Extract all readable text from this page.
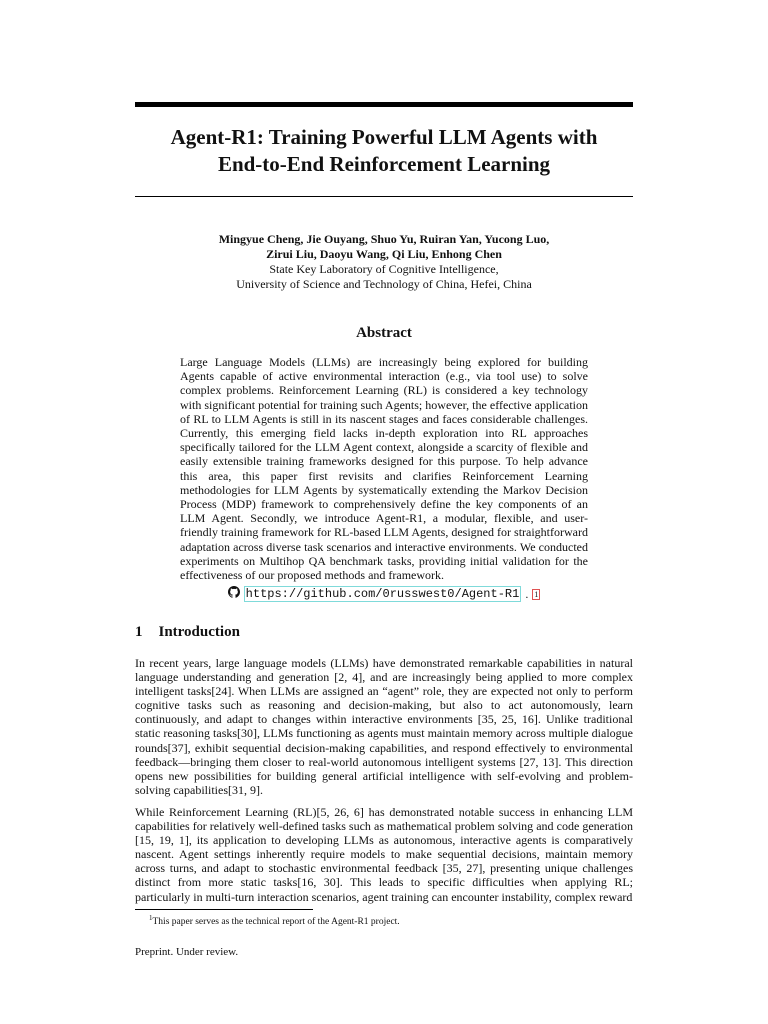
Agent-R1: Training Powerful LLM Agents with
End-to-End Reinforcement Learning
Mingyue Cheng, Jie Ouyang, Shuo Yu, Ruiran Yan, Yucong Luo,
Zirui Liu, Daoyu Wang, Qi Liu, Enhong Chen
State Key Laboratory of Cognitive Intelligence,
University of Science and Technology of China, Hefei, China
Abstract
Large Language Models (LLMs) are increasingly being explored for building Agents capable of active environmental interaction (e.g., via tool use) to solve complex problems. Reinforcement Learning (RL) is considered a key technology with significant potential for training such Agents; however, the effective application of RL to LLM Agents is still in its nascent stages and faces considerable challenges. Currently, this emerging field lacks in-depth exploration into RL approaches specifically tailored for the LLM Agent context, alongside a scarcity of flexible and easily extensible training frameworks designed for this purpose. To help advance this area, this paper first revisits and clarifies Reinforcement Learning methodologies for LLM Agents by systematically extending the Markov Decision Process (MDP) framework to comprehensively define the key components of an LLM Agent. Secondly, we introduce Agent-R1, a modular, flexible, and user-friendly training framework for RL-based LLM Agents, designed for straightforward adaptation across diverse task scenarios and interactive environments. We conducted experiments on Multihop QA benchmark tasks, providing initial validation for the effectiveness of our proposed methods and framework.
https://github.com/0russwest0/Agent-R1 . 1
1 Introduction
In recent years, large language models (LLMs) have demonstrated remarkable capabilities in natural language understanding and generation [2, 4], and are increasingly being applied to more complex intelligent tasks[24]. When LLMs are assigned an “agent” role, they are expected not only to perform cognitive tasks such as reasoning and decision-making, but also to act autonomously, learn continuously, and adapt to changes within interactive environments [35, 25, 16]. Unlike traditional static reasoning tasks[30], LLMs functioning as agents must maintain memory across multiple dialogue rounds[37], exhibit sequential decision-making capabilities, and respond effectively to environmental feedback—bringing them closer to real-world autonomous intelligent systems [27, 13]. This direction opens new possibilities for building general artificial intelligence with self-evolving and problem-solving capabilities[31, 9].
While Reinforcement Learning (RL)[5, 26, 6] has demonstrated notable success in enhancing LLM capabilities for relatively well-defined tasks such as mathematical problem solving and code generation [15, 19, 1], its application to developing LLMs as autonomous, interactive agents is comparatively nascent. Agent settings inherently require models to make sequential decisions, maintain memory across turns, and adapt to stochastic environmental feedback [35, 27], presenting unique challenges distinct from more static tasks[16, 30]. This leads to specific difficulties when applying RL; particularly in multi-turn interaction scenarios, agent training can encounter instability, complex reward
$^1$This paper serves as the technical report of the Agent-R1 project.
Preprint. Under review.
